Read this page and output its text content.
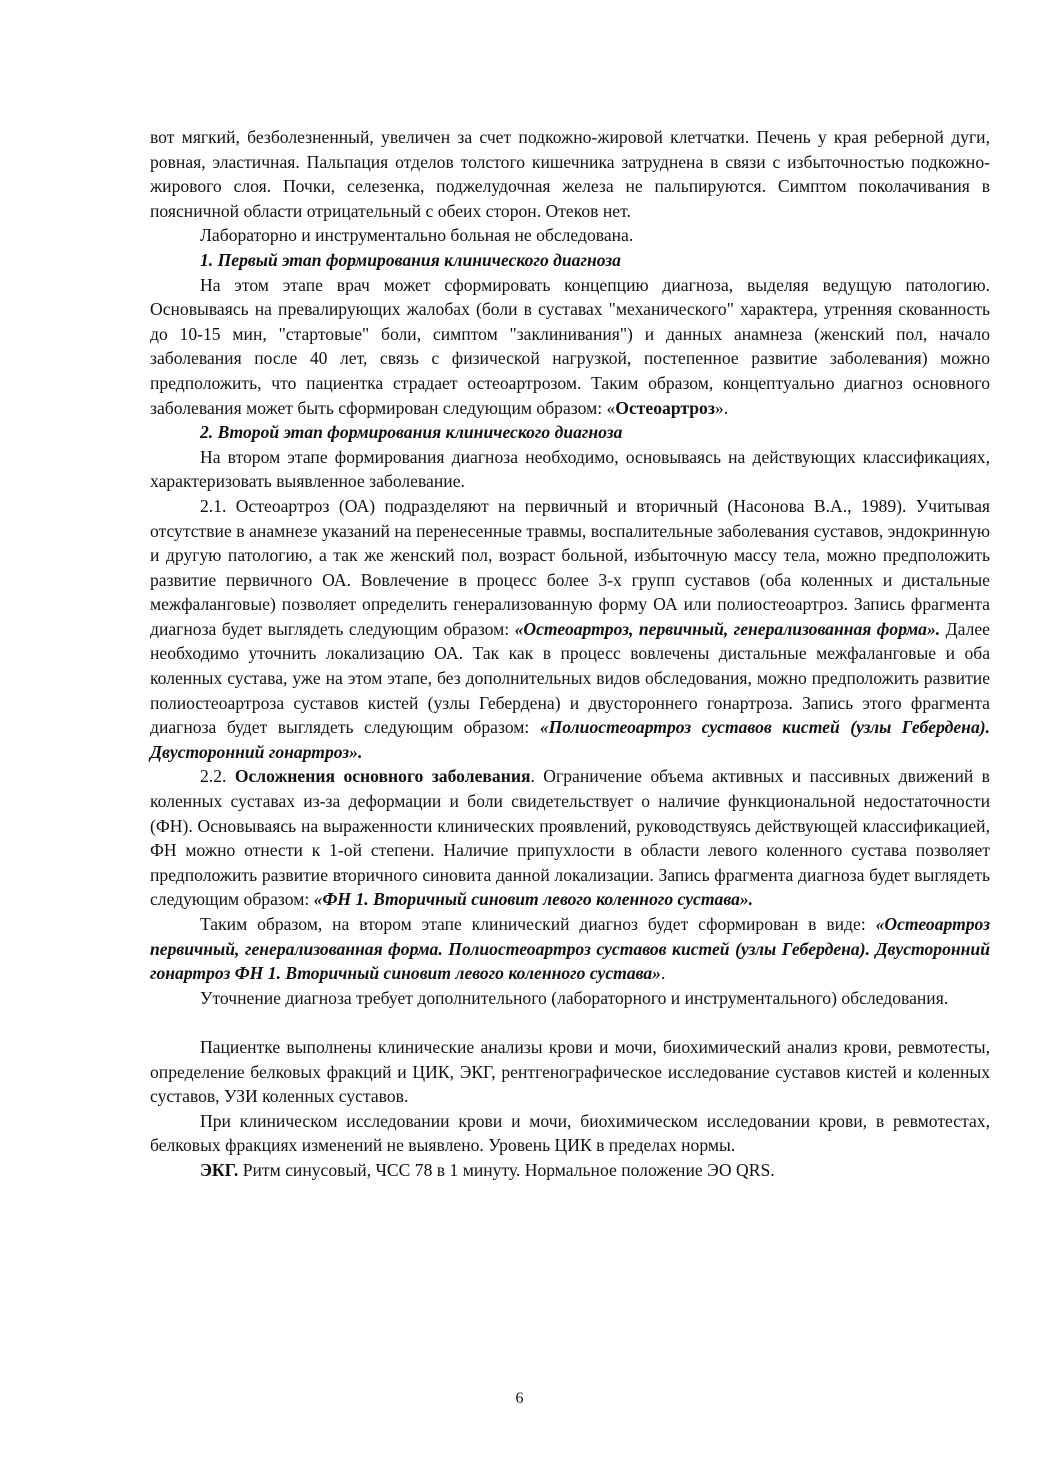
вот мягкий, безболезненный, увеличен за счет подкожно-жировой клетчатки. Печень у края реберной дуги, ровная, эластичная. Пальпация отделов толстого кишечника затруднена в связи с избыточностью подкожно-жирового слоя. Почки, селезенка, поджелудочная железа не пальпируются. Симптом поколачивания в поясничной области отрицательный с обеих сторон. Отеков нет.

Лабораторно и инструментально больная не обследована.

1. Первый этап формирования клинического диагноза

На этом этапе врач может сформировать концепцию диагноза, выделяя ведущую патологию. Основываясь на превалирующих жалобах (боли в суставах "механического" характера, утренняя скованность до 10-15 мин, "стартовые" боли, симптом "заклинивания") и данных анамнеза (женский пол, начало заболевания после 40 лет, связь с физической нагрузкой, постепенное развитие заболевания) можно предположить, что пациентка страдает остеоартрозом. Таким образом, концептуально диагноз основного заболевания может быть сформирован следующим образом: «Остеоартроз».

2. Второй этап формирования клинического диагноза

На втором этапе формирования диагноза необходимо, основываясь на действующих классификациях, характеризовать выявленное заболевание.

2.1. Остеоартроз (ОА) подразделяют на первичный и вторичный (Насонова В.А., 1989). Учитывая отсутствие в анамнезе указаний на перенесенные травмы, воспалительные заболевания суставов, эндокринную и другую патологию, а так же женский пол, возраст больной, избыточную массу тела, можно предположить развитие первичного ОА. Вовлечение в процесс более 3-х групп суставов (оба коленных и дистальные межфаланговые) позволяет определить генерализованную форму ОА или полиостеоартроз. Запись фрагмента диагноза будет выглядеть следующим образом: «Остеоартроз, первичный, генерализованная форма». Далее необходимо уточнить локализацию ОА. Так как в процесс вовлечены дистальные межфаланговые и оба коленных сустава, уже на этом этапе, без дополнительных видов обследования, можно предположить развитие полиостеоартроза суставов кистей (узлы Гебердена) и двустороннего гонартроза. Запись этого фрагмента диагноза будет выглядеть следующим образом: «Полиостеоартроз суставов кистей (узлы Гебердена). Двусторонний гонартроз».

2.2. Осложнения основного заболевания. Ограничение объема активных и пассивных движений в коленных суставах из-за деформации и боли свидетельствует о наличие функциональной недостаточности (ФН). Основываясь на выраженности клинических проявлений, руководствуясь действующей классификацией, ФН можно отнести к 1-ой степени. Наличие припухлости в области левого коленного сустава позволяет предположить развитие вторичного синовита данной локализации. Запись фрагмента диагноза будет выглядеть следующим образом: «ФН 1. Вторичный синовит левого коленного сустава».

Таким образом, на втором этапе клинический диагноз будет сформирован в виде: «Остеоартроз первичный, генерализованная форма. Полиостеоартроз суставов кистей (узлы Гебердена). Двусторонний гонартроз ФН 1. Вторичный синовит левого коленного сустава».

Уточнение диагноза требует дополнительного (лабораторного и инструментального) обследования.

Пациентке выполнены клинические анализы крови и мочи, биохимический анализ крови, ревмотесты, определение белковых фракций и ЦИК, ЭКГ, рентгенографическое исследование суставов кистей и коленных суставов, УЗИ коленных суставов.

При клиническом исследовании крови и мочи, биохимическом исследовании крови, в ревмотестах, белковых фракциях изменений не выявлено. Уровень ЦИК в пределах нормы.

ЭКГ. Ритм синусовый, ЧСС 78 в 1 минуту. Нормальное положение ЭО QRS.

6
